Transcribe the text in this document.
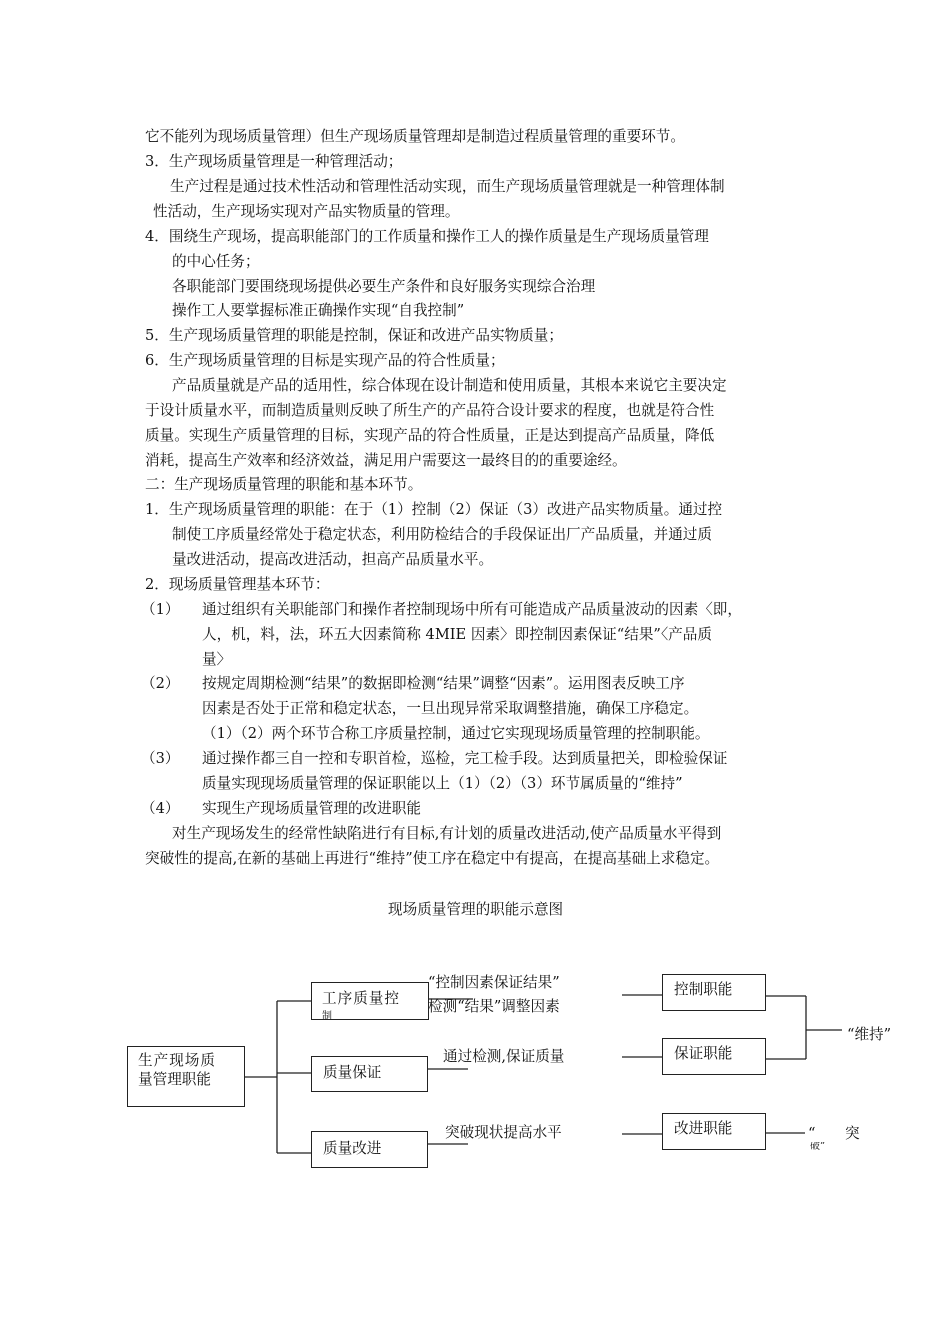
它不能列为现场质量管理）但生产现场质量管理却是制造过程质量管理的重要环节。
3．生产现场质量管理是一种管理活动；
生产过程是通过技术性活动和管理性活动实现，而生产现场质量管理就是一种管理体制
性活动，生产现场实现对产品实物质量的管理。
4．围绕生产现场，提高职能部门的工作质量和操作工人的操作质量是生产现场质量管理
的中心任务；
各职能部门要围绕现场提供必要生产条件和良好服务实现综合治理
操作工人要掌握标准正确操作实现“自我控制”
5．生产现场质量管理的职能是控制，保证和改进产品实物质量；
6．生产现场质量管理的目标是实现产品的符合性质量；
产品质量就是产品的适用性，综合体现在设计制造和使用质量，其根本来说它主要决定
于设计质量水平，而制造质量则反映了所生产的产品符合设计要求的程度，也就是符合性
质量。实现生产质量管理的目标，实现产品的符合性质量，正是达到提高产品质量，降低
消耗，提高生产效率和经济效益，满足用户需要这一最终目的的重要途经。
二：生产现场质量管理的职能和基本环节。
1．生产现场质量管理的职能：在于（1）控制（2）保证（3）改进产品实物质量。通过控
制使工序质量经常处于稳定状态，利用防检结合的手段保证出厂产品质量，并通过质
量改进活动，提高改进活动，担高产品质量水平。
2．现场质量管理基本环节：
（1） 通过组织有关职能部门和操作者控制现场中所有可能造成产品质量波动的因素〈即，
人，机，料，法，环五大因素简称 4MIE 因素〉即控制因素保证“结果”〈产品质
量〉
（2） 按规定周期检测“结果”的数据即检测“结果”调整“因素”。运用图表反映工序
因素是否处于正常和稳定状态，一旦出现异常采取调整措施，确保工序稳定。
（1）（2）两个环节合称工序质量控制，通过它实现现场质量管理的控制职能。
（3） 通过操作都三自一控和专职首检，巡检，完工检手段。达到质量把关，即检验保证
质量实现现场质量管理的保证职能以上（1）（2）（3）环节属质量的“维持”
（4） 实现生产现场质量管理的改进职能
对生产现场发生的经常性缺陷进行有目标,有计划的质量改进活动,使产品质量水平得到
突破性的提高,在新的基础上再进行“维持”使工序在稳定中有提高，在提高基础上求稳定。
现场质量管理的职能示意图
生产现场质
量管理职能
工序质量控
制
质量保证
质量改进
控制职能
保证职能
改进职能
“控制因素保证结果”
检测“结果”调整因素
通过检测,保证质量
突破现状提高水平
“维持”
“ 突
破”
